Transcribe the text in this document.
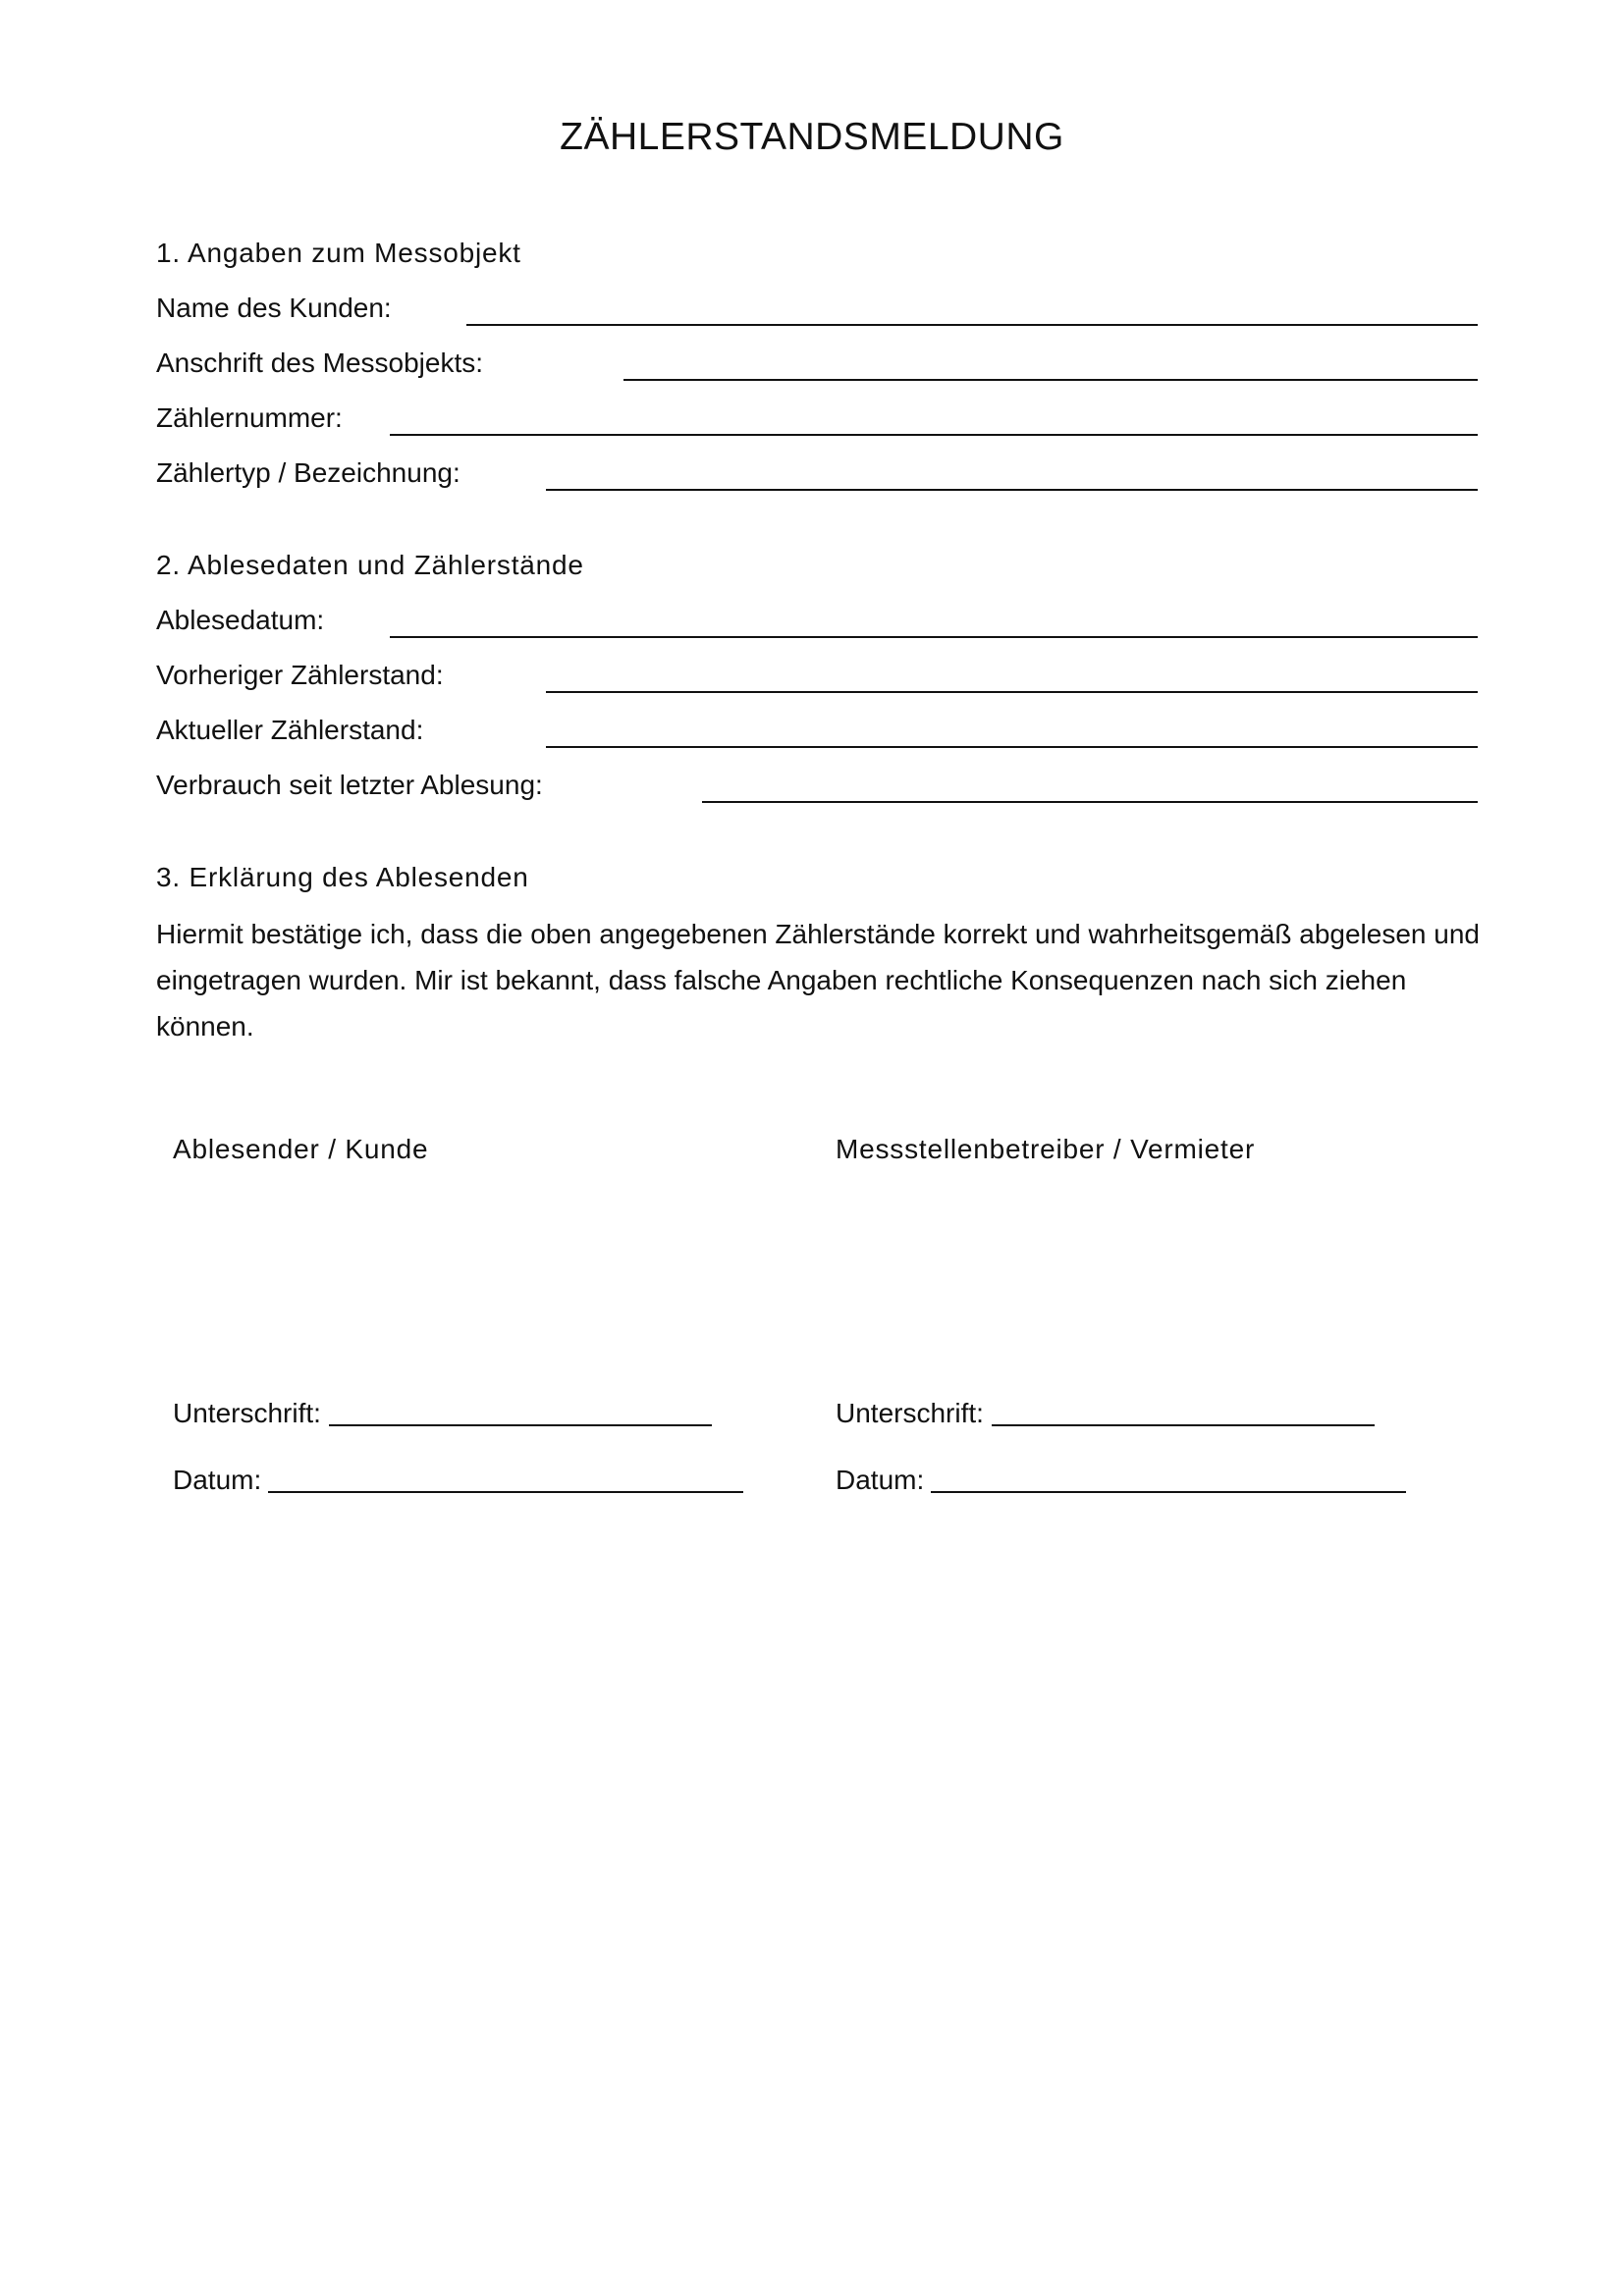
ZÄHLERSTANDSMELDUNG
1. Angaben zum Messobjekt
Name des Kunden:
Anschrift des Messobjekts:
Zählernummer:
Zählertyp / Bezeichnung:
2. Ablesedaten und Zählerstände
Ablesedatum:
Vorheriger Zählerstand:
Aktueller Zählerstand:
Verbrauch seit letzter Ablesung:
3. Erklärung des Ablesenden
Hiermit bestätige ich, dass die oben angegebenen Zählerstände korrekt und wahrheitsgemäß abgelesen und eingetragen wurden. Mir ist bekannt, dass falsche Angaben rechtliche Konsequenzen nach sich ziehen können.
Ablesender / Kunde	Messstellenbetreiber / Vermieter
Unterschrift:	Unterschrift:
Datum:	Datum:
